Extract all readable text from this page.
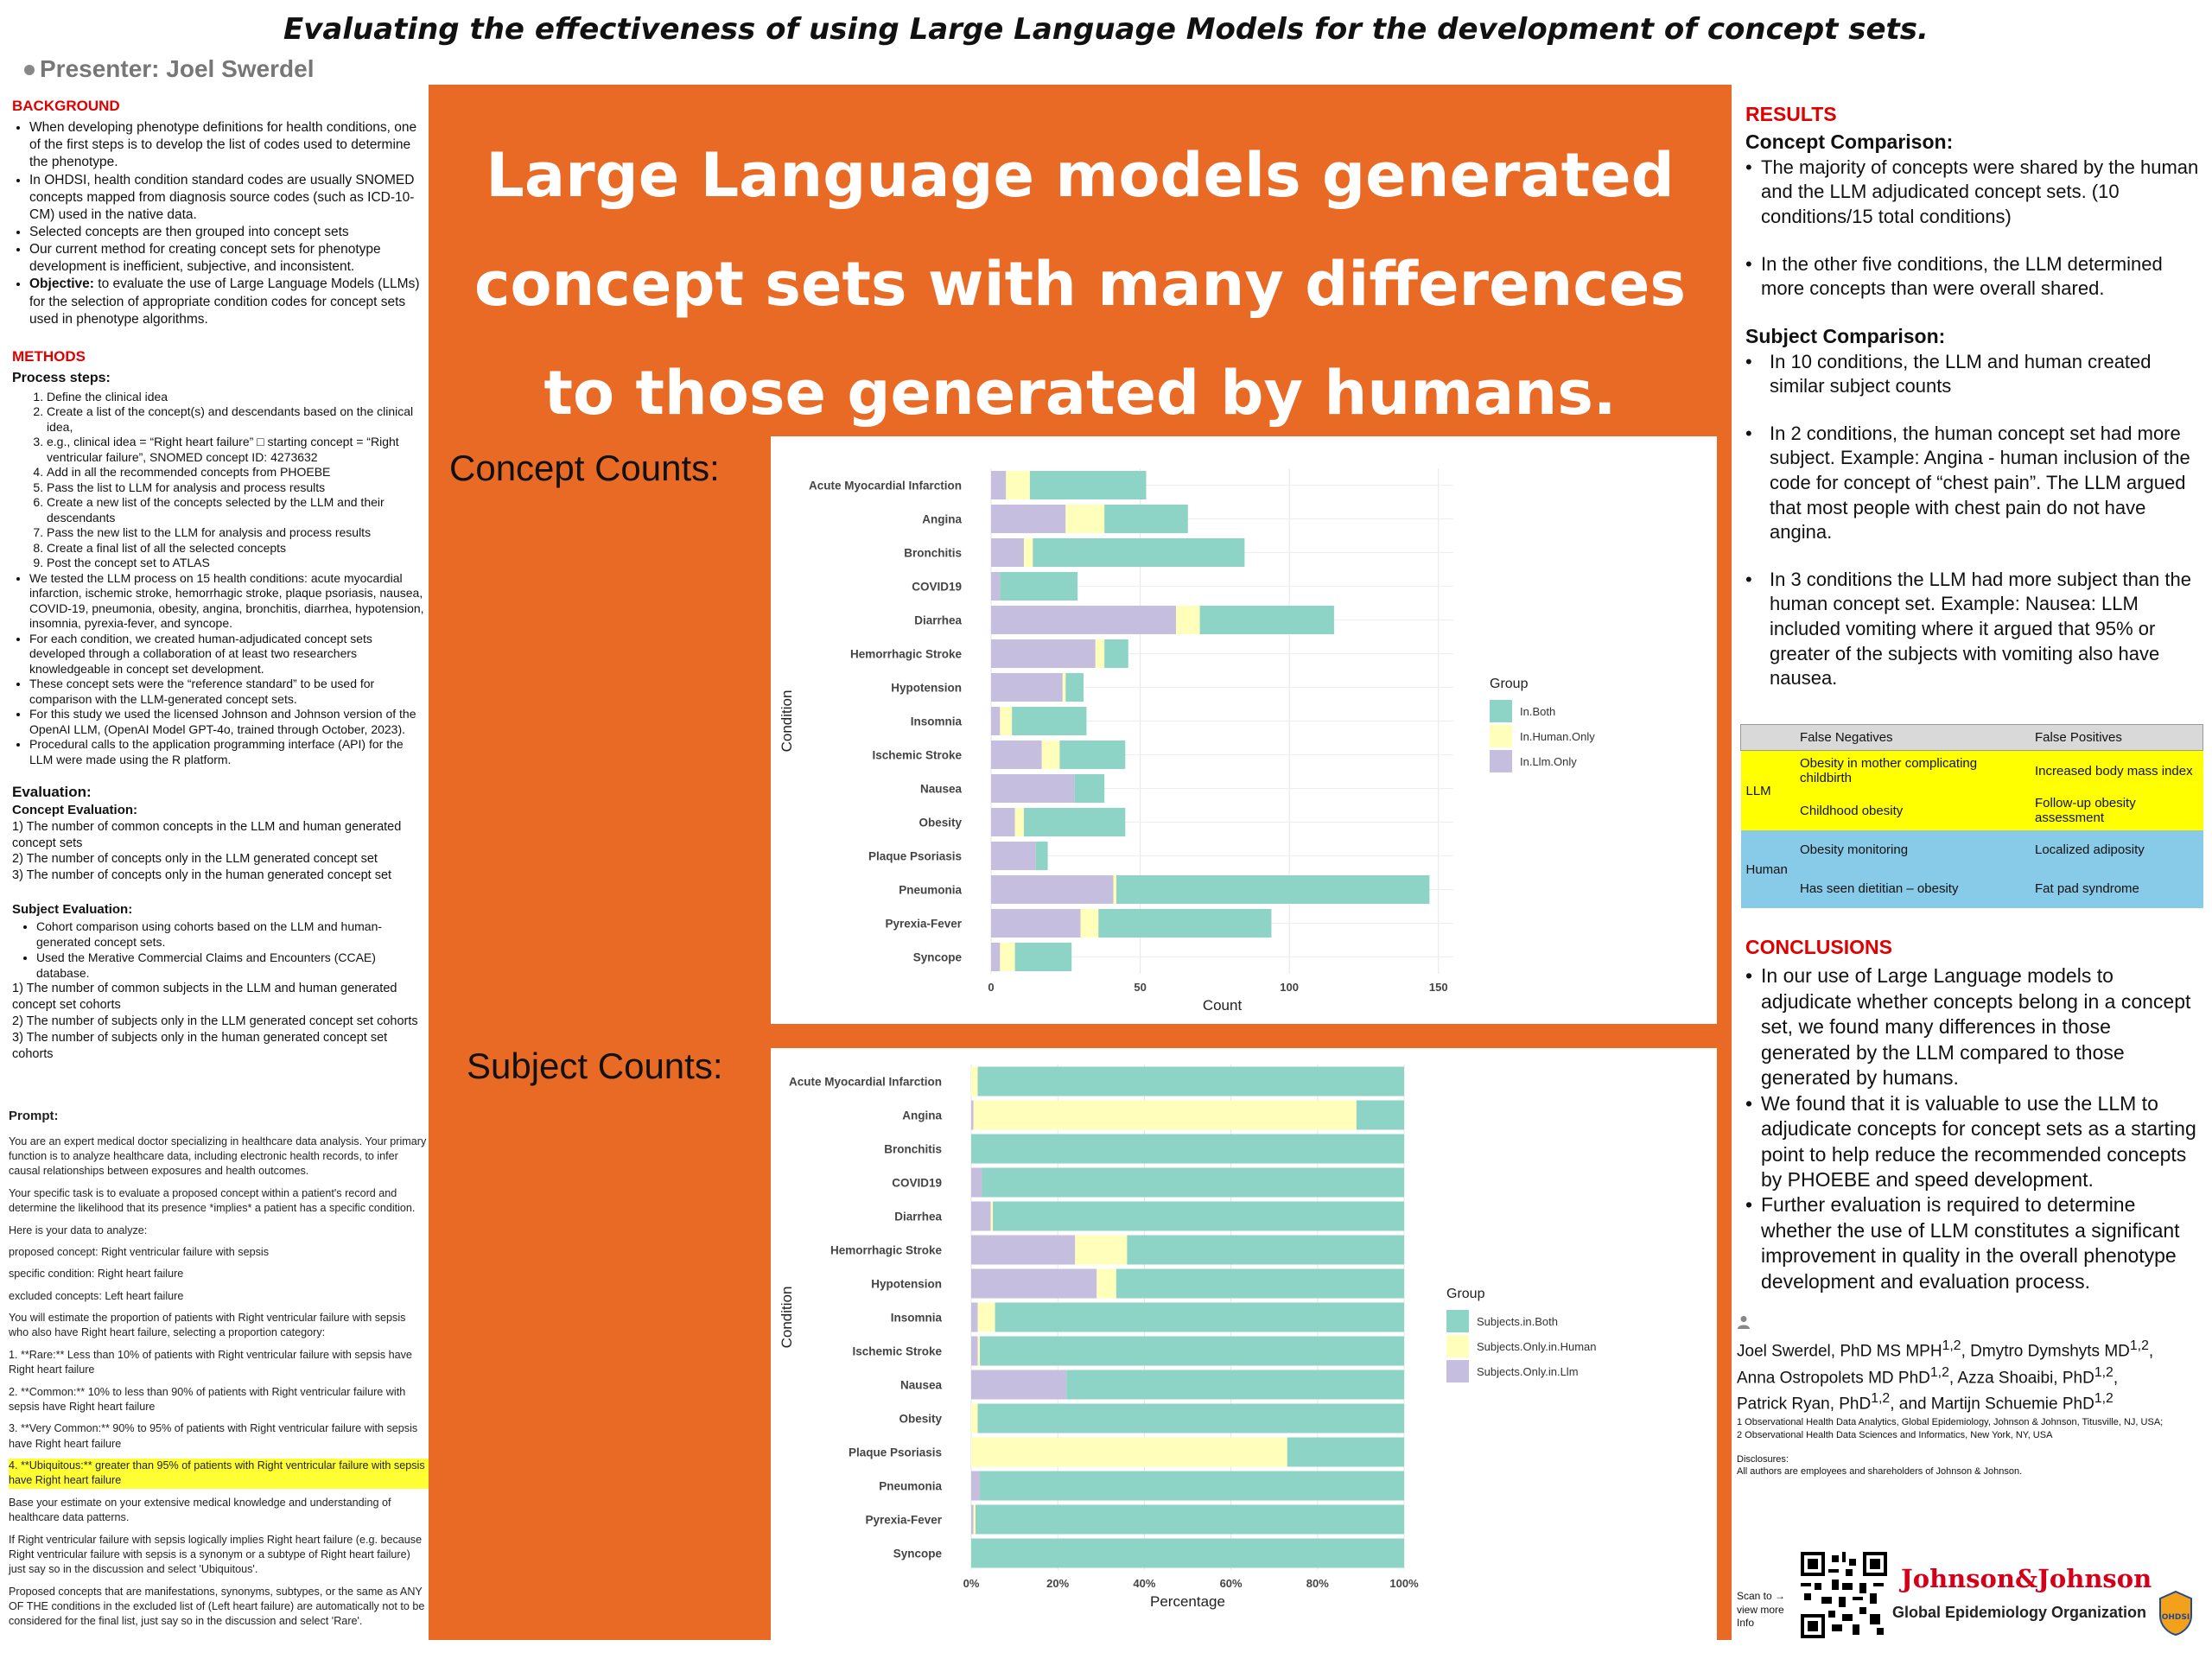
Evaluating the effectiveness of using Large Language Models for the development of concept sets.
Presenter: Joel Swerdel
BACKGROUND
• When developing phenotype definitions for health conditions, one of the first steps is to develop the list of codes used to determine the phenotype.
• In OHDSI, health condition standard codes are usually SNOMED concepts mapped from diagnosis source codes (such as ICD-10-CM) used in the native data.
• Selected concepts are then grouped into concept sets
• Our current method for creating concept sets for phenotype development is inefficient, subjective, and inconsistent.
• Objective: to evaluate the use of Large Language Models (LLMs) for the selection of appropriate condition codes for concept sets used in phenotype algorithms.
METHODS
Process steps:
1. Define the clinical idea
2. Create a list of the concept(s) and descendants based on the clinical idea,
3. e.g., clinical idea = “Right heart failure” □ starting concept = “Right ventricular failure”, SNOMED concept ID: 4273632
4. Add in all the recommended concepts from PHOEBE
5. Pass the list to LLM for analysis and process results
6. Create a new list of the concepts selected by the LLM and their descendants
7. Pass the new list to the LLM for analysis and process results
8. Create a final list of all the selected concepts
9. Post the concept set to ATLAS
• We tested the LLM process on 15 health conditions: acute myocardial infarction, ischemic stroke, hemorrhagic stroke, plaque psoriasis, nausea, COVID-19, pneumonia, obesity, angina, bronchitis, diarrhea, hypotension, insomnia, pyrexia-fever, and syncope.
• For each condition, we created human-adjudicated concept sets developed through a collaboration of at least two researchers knowledgeable in concept set development.
• These concept sets were the “reference standard” to be used for comparison with the LLM-generated concept sets.
• For this study we used the licensed Johnson and Johnson version of the OpenAI LLM, (OpenAI Model GPT-4o, trained through October, 2023).
• Procedural calls to the application programming interface (API) for the LLM were made using the R platform.
Evaluation:
Concept Evaluation:
1) The number of common concepts in the LLM and human generated concept sets
2) The number of concepts only in the LLM generated concept set
3) The number of concepts only in the human generated concept set
Subject Evaluation:
• Cohort comparison using cohorts based on the LLM and human-generated concept sets.
• Used the Merative Commercial Claims and Encounters (CCAE) database.
1) The number of common subjects in the LLM and human generated concept set cohorts
2) The number of subjects only in the LLM generated concept set cohorts
3) The number of subjects only in the human generated concept set cohorts
Prompt:

You are an expert medical doctor specializing in healthcare data analysis. Your primary function is to analyze healthcare data, including electronic health records, to infer causal relationships between exposures and health outcomes.

Your specific task is to evaluate a proposed concept within a patient's record and determine the likelihood that its presence *implies* a patient has a specific condition.

Here is your data to analyze:

proposed concept: Right ventricular failure with sepsis

specific condition: Right heart failure

excluded concepts: Left heart failure

You will estimate the proportion of patients with Right ventricular failure with sepsis who also have Right heart failure, selecting a proportion category:

1. **Rare:** Less than 10% of patients with Right ventricular failure with sepsis have Right heart failure

2. **Common:** 10% to less than 90% of patients with Right ventricular failure with sepsis have Right heart failure

3. **Very Common:** 90% to 95% of patients with Right ventricular failure with sepsis have Right heart failure

4. **Ubiquitous:** greater than 95% of patients with Right ventricular failure with sepsis have Right heart failure

Base your estimate on your extensive medical knowledge and understanding of healthcare data patterns.

If Right ventricular failure with sepsis logically implies Right heart failure (e.g. because Right ventricular failure with sepsis is a synonym or a subtype of Right heart failure) just say so in the discussion and select 'Ubiquitous'.

Proposed concepts that are manifestations, synonyms, subtypes, or the same as ANY OF THE conditions in the excluded list of (Left heart failure) are automatically not to be considered for the final list, just say so in the discussion and select 'Rare'.

Large Language models generated concept sets with many differences to those generated by humans.
Concept Counts:
Subject Counts:
0	50	100	150
Acute Myocardial Infarction
Angina
Bronchitis
COVID19
Diarrhea
Hemorrhagic Stroke
Hypotension
Insomnia
Ischemic Stroke
Nausea
Obesity
Plaque Psoriasis
Pneumonia
Pyrexia-Fever
Syncope
Count
Condition
Group
In.Both
In.Human.Only
In.Llm.Only
0%	20%	40%	60%	80%	100%
Acute Myocardial Infarction
Angina
Bronchitis
COVID19
Diarrhea
Hemorrhagic Stroke
Hypotension
Insomnia
Ischemic Stroke
Nausea
Obesity
Plaque Psoriasis
Pneumonia
Pyrexia-Fever
Syncope
Percentage
Condition	Group
Subjects.in.Both
Subjects.Only.in.Human
Subjects.Only.in.Llm
RESULTS
Concept Comparison:
• The majority of concepts were shared by the human and the LLM adjudicated concept sets. (10 conditions/15 total conditions)
• In the other five conditions, the LLM determined more concepts than were overall shared.
Subject Comparison:
• In 10 conditions, the LLM and human created similar subject counts
• In 2 conditions, the human concept set had more subject. Example: Angina - human inclusion of the code for concept of “chest pain”. The LLM argued that most people with chest pain do not have angina.
• In 3 conditions the LLM had more subject than the human concept set. Example: Nausea: LLM included vomiting where it argued that 95% or greater of the subjects with vomiting also have nausea.
	False Negatives	False Positives
LLM	Obesity in mother complicating childbirth	Increased body mass index
	Childhood obesity	Follow-up obesity assessment
Human	Obesity monitoring	Localized adiposity
	Has seen dietitian – obesity	Fat pad syndrome
CONCLUSIONS
• In our use of Large Language models to adjudicate whether concepts belong in a concept set, we found many differences in those generated by the LLM compared to those generated by humans.
• We found that it is valuable to use the LLM to adjudicate concepts for concept sets as a starting point to help reduce the recommended concepts by PHOEBE and speed development.
• Further evaluation is required to determine whether the use of LLM constitutes a significant improvement in quality in the overall phenotype development and evaluation process.
Joel Swerdel, PhD MS MPH$^{1,2}$, Dmytro Dymshyts MD$^{1,2}$,
Anna Ostropolets MD PhD$^{1,2}$, Azza Shoaibi, PhD$^{1,2}$,
Patrick Ryan, PhD$^{1,2}$, and Martijn Schuemie PhD$^{1,2}$
1 Observational Health Data Analytics, Global Epidemiology, Johnson & Johnson, Titusville, NJ, USA;
2 Observational Health Data Sciences and Informatics, New York, NY, USA
Disclosures:
All authors are employees and shareholders of Johnson & Johnson.
Scan to → view more Info
Johnson&Johnson
Global Epidemiology Organization OHDSI
